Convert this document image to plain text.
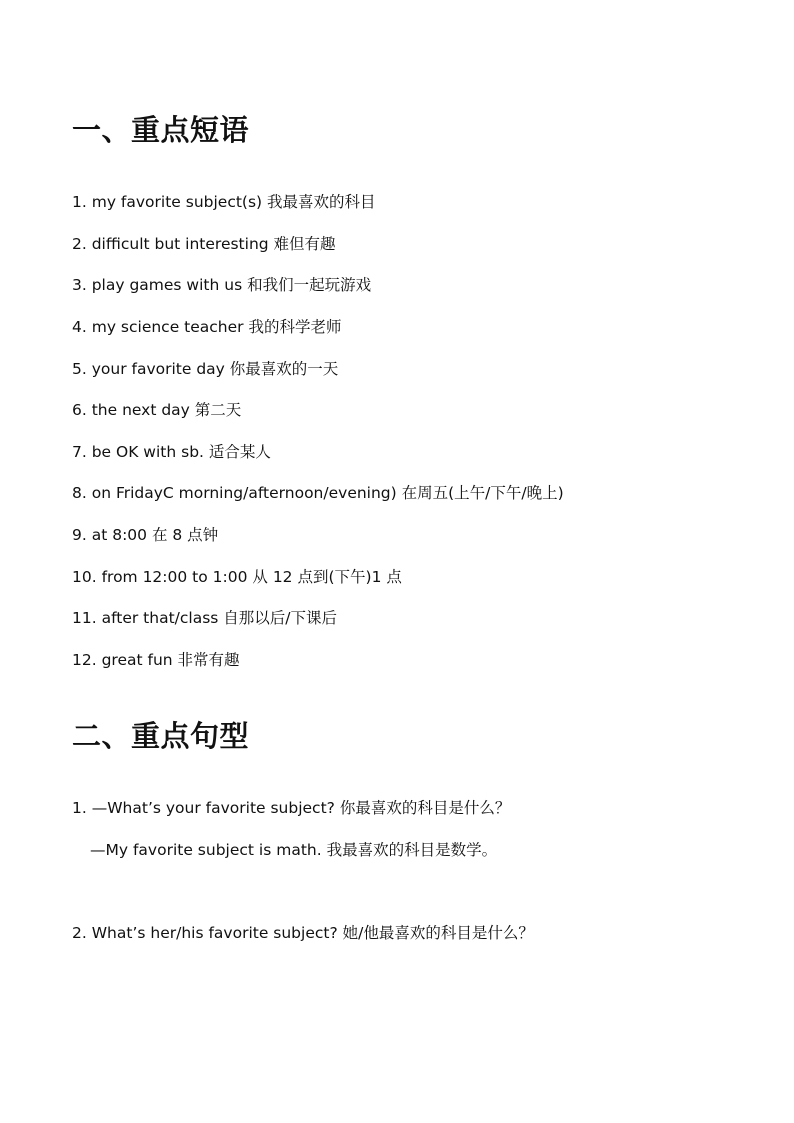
一、重点短语

1. my favorite subject(s) 我最喜欢的科目

2. difficult but interesting 难但有趣

3. play games with us 和我们一起玩游戏

4. my science teacher 我的科学老师

5. your favorite day 你最喜欢的一天

6. the next day 第二天

7. be OK with sb. 适合某人

8. on FridayC morning/afternoon/evening) 在周五(上午/下午/晚上)

9. at 8:00 在 8 点钟

10. from 12:00 to 1:00 从 12 点到(下午)1 点

11. after that/class 自那以后/下课后

12. great fun 非常有趣

二、重点句型

1. —What’s your favorite subject? 你最喜欢的科目是什么？

—My favorite subject is math. 我最喜欢的科目是数学。

2. What’s her/his favorite subject? 她/他最喜欢的科目是什么？
